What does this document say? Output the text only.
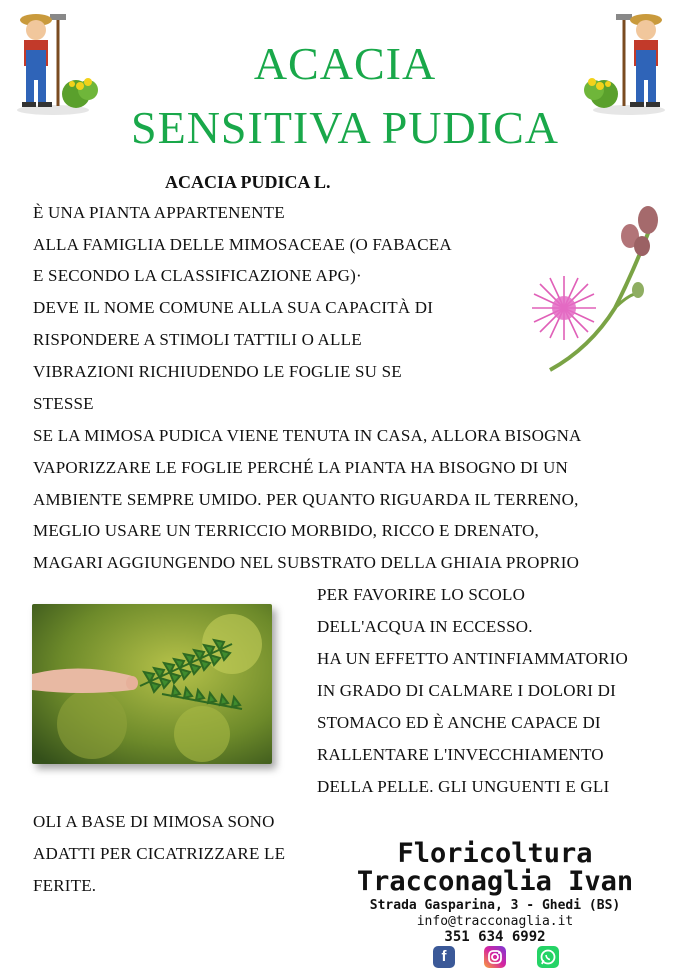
ACACIA
SENSITIVA PUDICA
ACACIA PUDICA L.
È UNA PIANTA APPARTENENTE
ALLA FAMIGLIA DELLE MIMOSACEAE (O FABACEA
E SECONDO LA CLASSIFICAZIONE APG)·
DEVE IL NOME COMUNE ALLA SUA CAPACITÀ DI
RISPONDERE A STIMOLI TATTILI O ALLE
VIBRAZIONI RICHIUDENDO LE FOGLIE SU SE
STESSE
SE LA MIMOSA PUDICA VIENE TENUTA IN CASA, ALLORA BISOGNA
VAPORIZZARE LE FOGLIE PERCHÉ LA PIANTA HA BISOGNO DI UN
AMBIENTE SEMPRE UMIDO. PER QUANTO RIGUARDA IL TERRENO,
MEGLIO USARE UN TERRICCIO MORBIDO, RICCO E DRENATO,
MAGARI AGGIUNGENDO NEL SUBSTRATO DELLA GHIAIA PROPRIO
PER FAVORIRE LO SCOLO
DELL'ACQUA IN ECCESSO.
HA UN EFFETTO ANTINFIAMMATORIO
IN GRADO DI CALMARE I DOLORI DI
STOMACO ED È ANCHE CAPACE DI
RALLENTARE L'INVECCHIAMENTO
DELLA PELLE. GLI UNGUENTI E GLI
OLI A BASE DI MIMOSA SONO
ADATTI PER CICATRIZZARE LE
FERITE.
Floricoltura
Tracconaglia Ivan
Strada Gasparina, 3 - Ghedi (BS)
info@tracconaglia.it
351 634 6992
f
